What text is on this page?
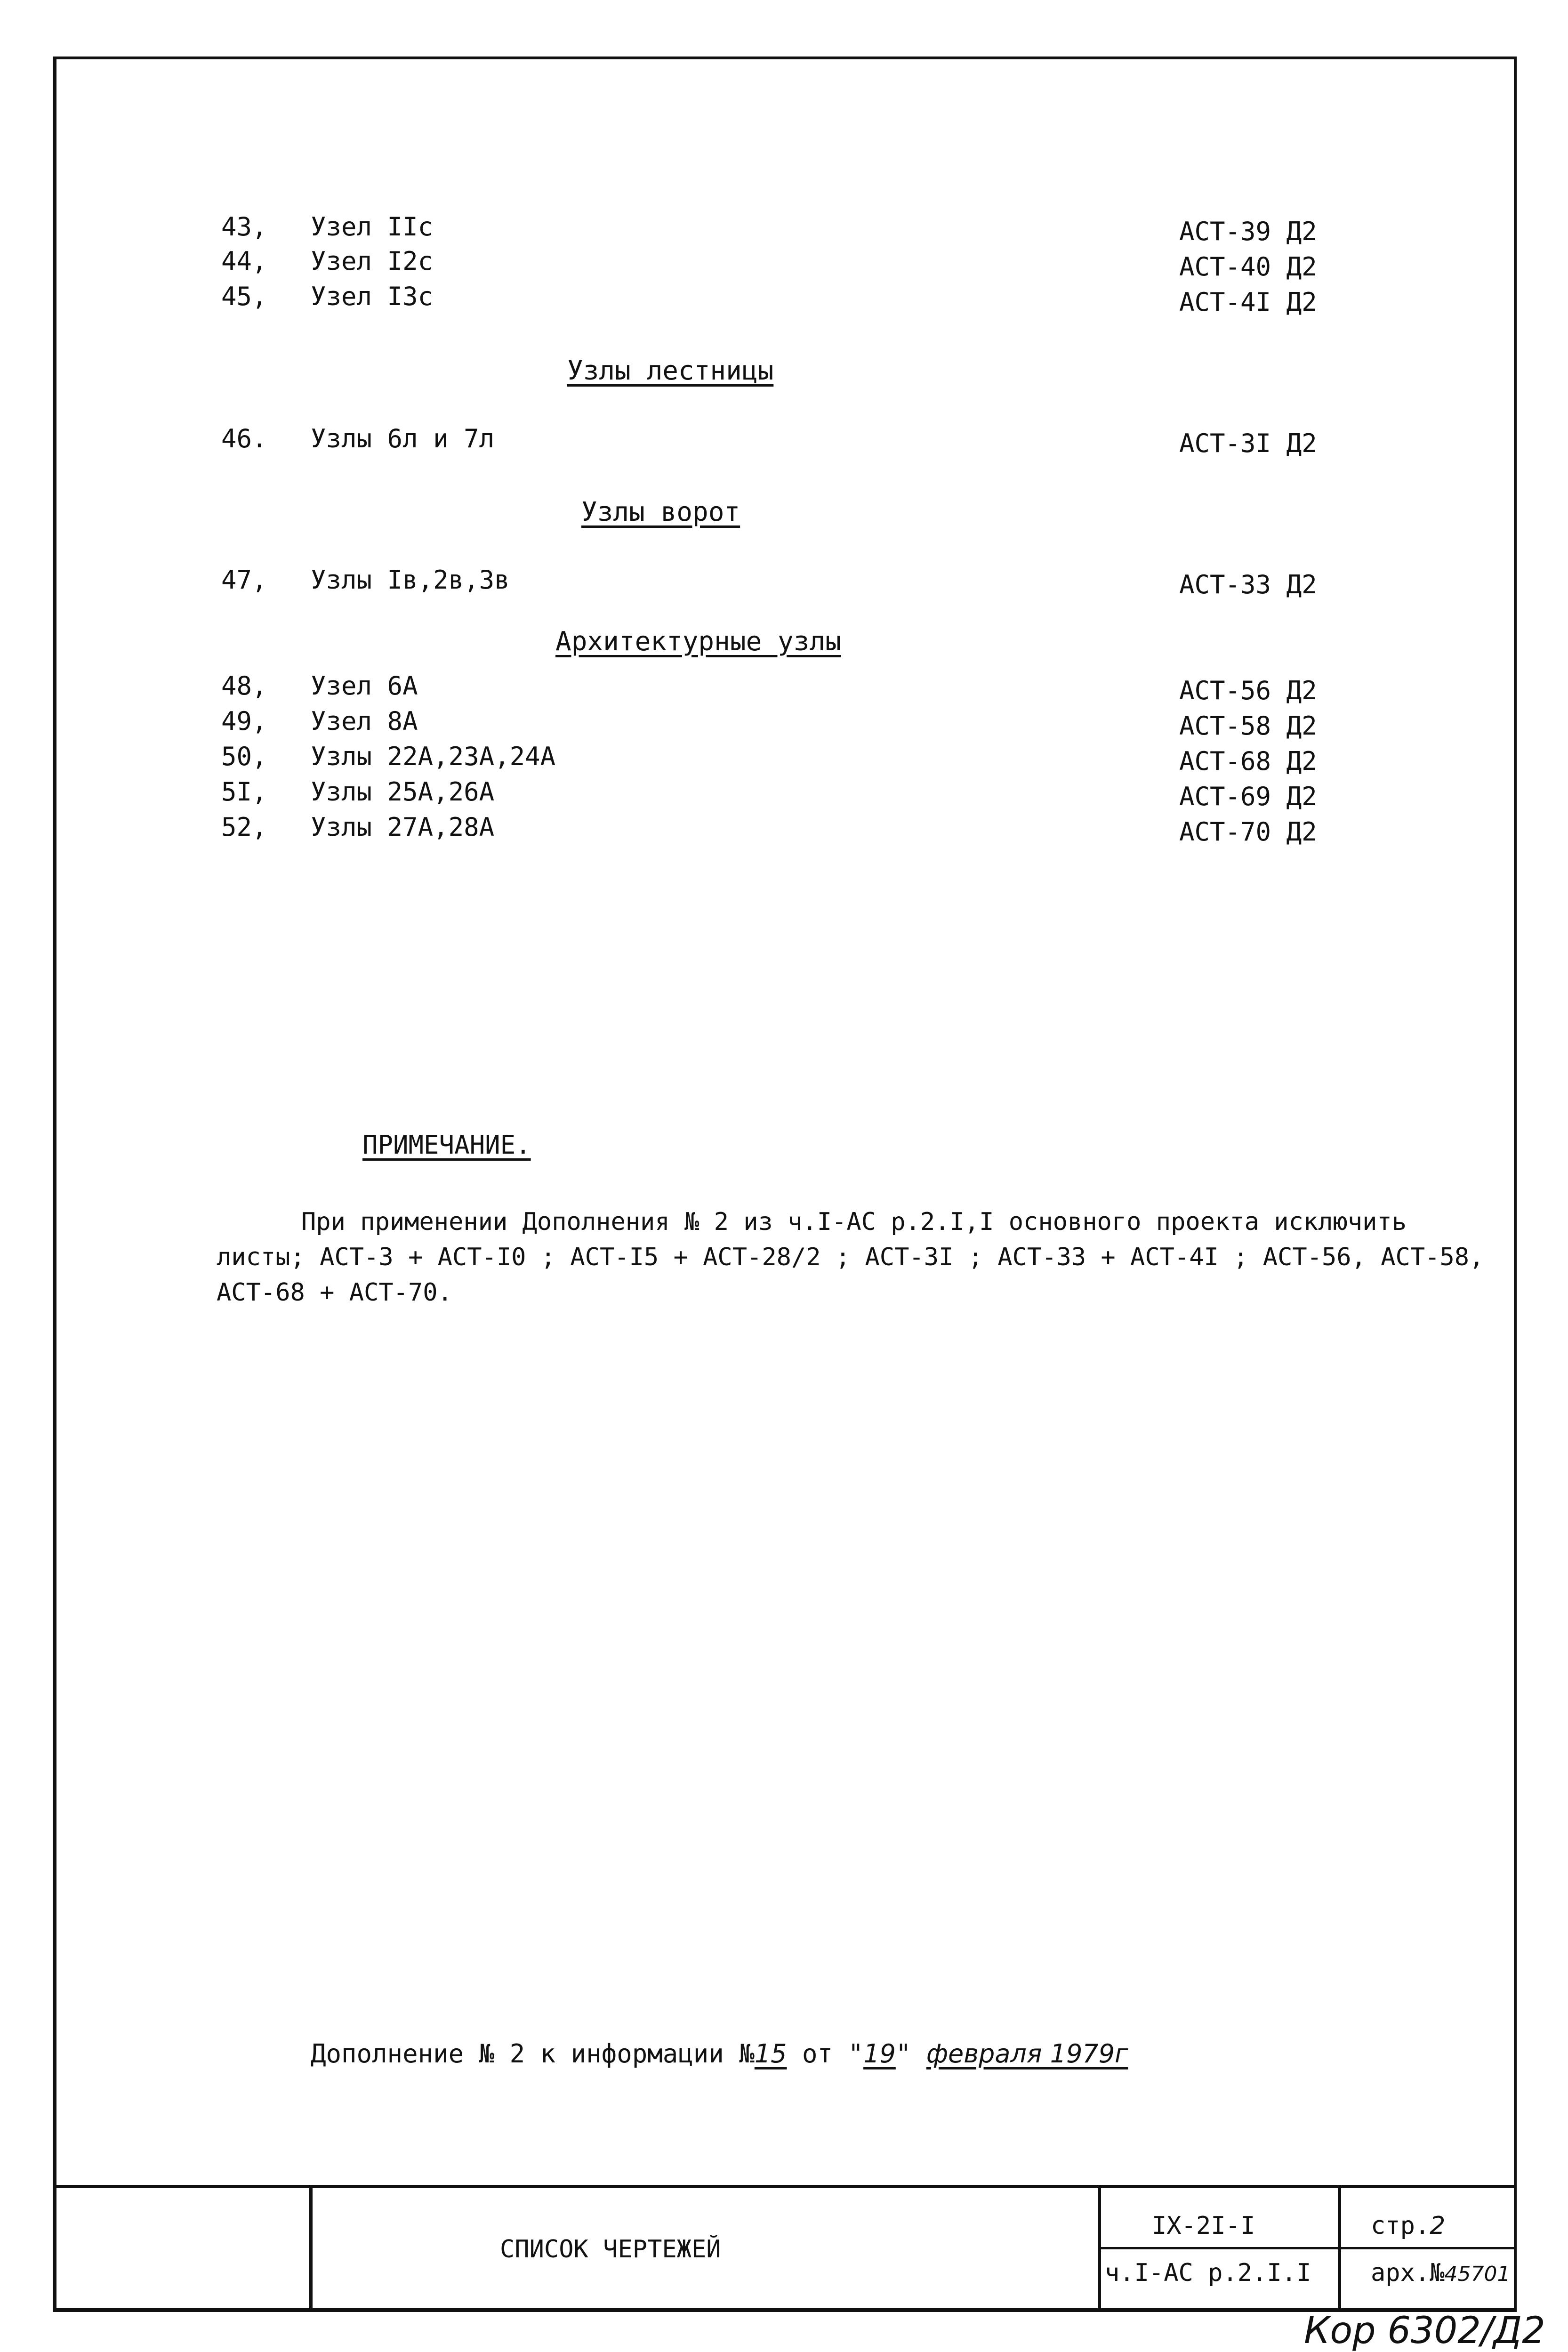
43, Узел IIс	АСТ-39 Д2
44, Узел I2с	АСТ-40 Д2
45, Узел I3с	АСТ-4I Д2
Узлы лестницы
46. Узлы 6л и 7л	АСТ-3I Д2
Узлы ворот
47, Узлы Iв,2в,3в	АСТ-33 Д2
Архитектурные узлы
48, Узел 6А	АСТ-56 Д2
49, Узел 8А	АСТ-58 Д2
50, Узлы 22А,23А,24А	АСТ-68 Д2
5I, Узлы 25А,26А	АСТ-69 Д2
52, Узлы 27А,28А	АСТ-70 Д2
ПРИМЕЧАНИЕ.
При применении Дополнения № 2 из ч.I-АС р.2.I,I основного проекта исключить
листы; АСТ-3 + АСТ-I0 ; АСТ-I5 + АСТ-28/2 ; АСТ-3I ; АСТ-33 + АСТ-4I ; АСТ-56, АСТ-58,
АСТ-68 + АСТ-70.
Дополнение № 2 к информации №15 от "19" февраля 1979г
СПИСОК ЧЕРТЕЖЕЙ
IX-2I-I
ч.I-АС р.2.I.I
стр.2
арх.№45701
Кор 6302/Д2
